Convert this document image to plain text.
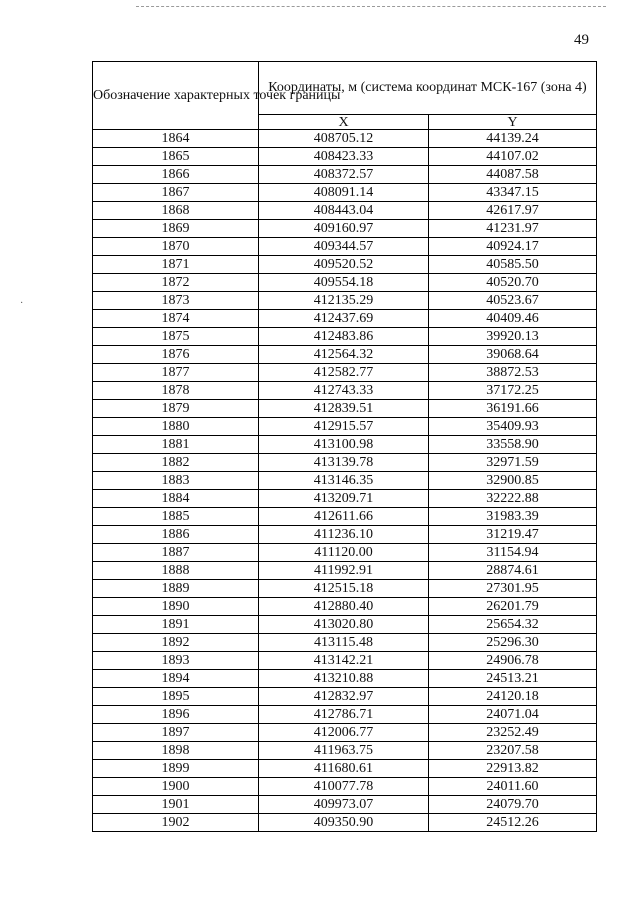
49
·
Обозначение характерных точек границы	Координаты, м (система координат МСК-167 (зона 4)	
	X	Y
1864	408705.12	44139.24
1865	408423.33	44107.02
1866	408372.57	44087.58
1867	408091.14	43347.15
1868	408443.04	42617.97
1869	409160.97	41231.97
1870	409344.57	40924.17
1871	409520.52	40585.50
1872	409554.18	40520.70
1873	412135.29	40523.67
1874	412437.69	40409.46
1875	412483.86	39920.13
1876	412564.32	39068.64
1877	412582.77	38872.53
1878	412743.33	37172.25
1879	412839.51	36191.66
1880	412915.57	35409.93
1881	413100.98	33558.90
1882	413139.78	32971.59
1883	413146.35	32900.85
1884	413209.71	32222.88
1885	412611.66	31983.39
1886	411236.10	31219.47
1887	411120.00	31154.94
1888	411992.91	28874.61
1889	412515.18	27301.95
1890	412880.40	26201.79
1891	413020.80	25654.32
1892	413115.48	25296.30
1893	413142.21	24906.78
1894	413210.88	24513.21
1895	412832.97	24120.18
1896	412786.71	24071.04
1897	412006.77	23252.49
1898	411963.75	23207.58
1899	411680.61	22913.82
1900	410077.78	24011.60
1901	409973.07	24079.70
1902	409350.90	24512.26
